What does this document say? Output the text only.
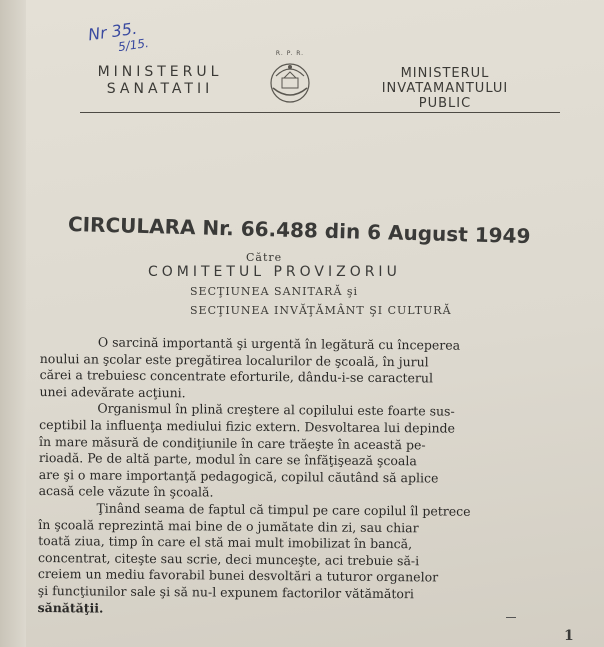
Nr 35.
5/15.
MINISTERUL
SANATATII
R. P. R.
MINISTERUL
INVATAMANTULUI
PUBLIC
CIRCULARA Nr. 66.488 din 6 August 1949
Către
COMITETUL PROVIZORIU
SECŢIUNEA SANITARĂ şi
SECŢIUNEA INVĂŢĂMÂNT ŞI CULTURĂ
O sarcină importantă şi urgentă în legătură cu începerea
noului an şcolar este pregătirea localurilor de şcoală, în jurul
cărei a trebuiesc concentrate eforturile, dându-i-se caracterul
unei adevărate acţiuni.
Organismul în plină creştere al copilului este foarte sus-
ceptibil la influenţa mediului fizic extern. Desvoltarea lui depinde
în mare măsură de condiţiunile în care trăeşte în această pe-
rioadă. Pe de altă parte, modul în care se înfăţişează şcoala
are şi o mare importanţă pedagogică, copilul căutând să aplice
acasă cele văzute în şcoală.
Ţinând seama de faptul că timpul pe care copilul îl petrece
în şcoală reprezintă mai bine de o jumătate din zi, sau chiar
toată ziua, timp în care el stă mai mult imobilizat în bancă,
concentrat, citeşte sau scrie, deci munceşte, aci trebuie să-i
creiem un mediu favorabil bunei desvoltări a tuturor organelor
şi funcţiunilor sale şi să nu-l expunem factorilor vătămători
sănătăţii.
1
